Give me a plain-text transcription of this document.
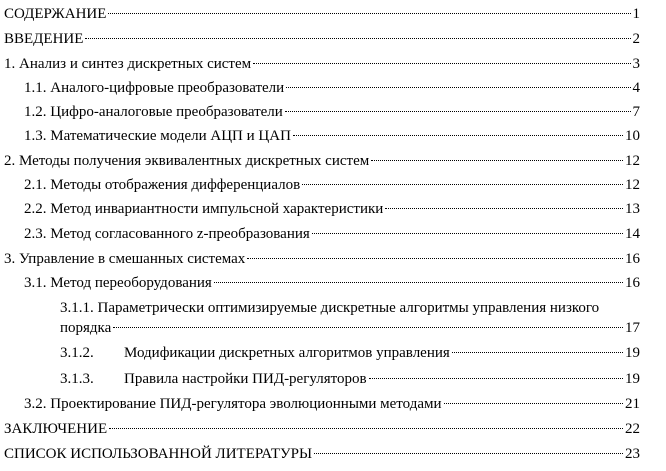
СОДЕРЖАНИЕ	1
ВВЕДЕНИЕ	2
1. Анализ и синтез дискретных систем	3
1.1. Аналого-цифровые преобразователи	4
1.2. Цифро-аналоговые преобразователи	7
1.3. Математические модели АЦП и ЦАП	10
2. Методы получения эквивалентных дискретных систем	12
2.1. Методы отображения дифференциалов	12
2.2. Метод инвариантности импульсной характеристики	13
2.3. Метод согласованного z-преобразования	14
3. Управление в смешанных системах	16
3.1. Метод переоборудования	16
3.1.1. Параметрически оптимизируемые дискретные алгоритмы управления низкого
порядка	17
3.1.2.	Модификации дискретных алгоритмов управления	19
3.1.3.	Правила настройки ПИД-регуляторов	19
3.2. Проектирование ПИД-регулятора эволюционными методами	21
ЗАКЛЮЧЕНИЕ	22
СПИСОК ИСПОЛЬЗОВАННОЙ ЛИТЕРАТУРЫ	23
